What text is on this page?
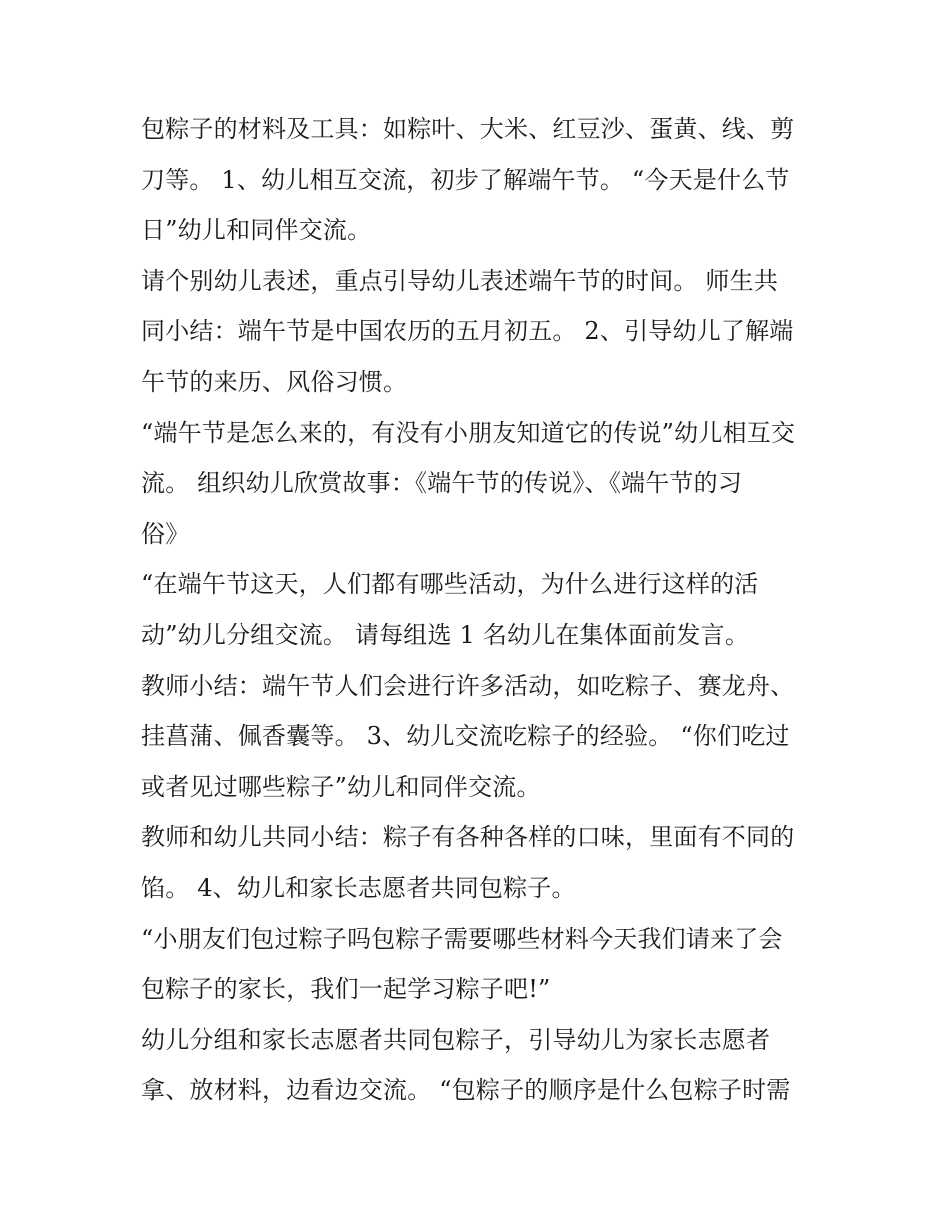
包粽子的材料及工具：如粽叶、大米、红豆沙、蛋黄、线、剪
刀等。 1、幼儿相互交流，初步了解端午节。 “今天是什么节
日”幼儿和同伴交流。
请个别幼儿表述，重点引导幼儿表述端午节的时间。 师生共
同小结：端午节是中国农历的五月初五。 2、引导幼儿了解端
午节的来历、风俗习惯。
“端午节是怎么来的，有没有小朋友知道它的传说”幼儿相互交
流。 组织幼儿欣赏故事：《端午节的传说》、《端午节的习
俗》
“在端午节这天，人们都有哪些活动，为什么进行这样的活
动”幼儿分组交流。 请每组选 1 名幼儿在集体面前发言。
教师小结：端午节人们会进行许多活动，如吃粽子、赛龙舟、
挂菖蒲、佩香囊等。 3、幼儿交流吃粽子的经验。 “你们吃过
或者见过哪些粽子”幼儿和同伴交流。
教师和幼儿共同小结：粽子有各种各样的口味，里面有不同的
馅。 4、幼儿和家长志愿者共同包粽子。
“小朋友们包过粽子吗包粽子需要哪些材料今天我们请来了会
包粽子的家长，我们一起学习粽子吧!”
幼儿分组和家长志愿者共同包粽子，引导幼儿为家长志愿者
拿、放材料，边看边交流。 “包粽子的顺序是什么包粽子时需
